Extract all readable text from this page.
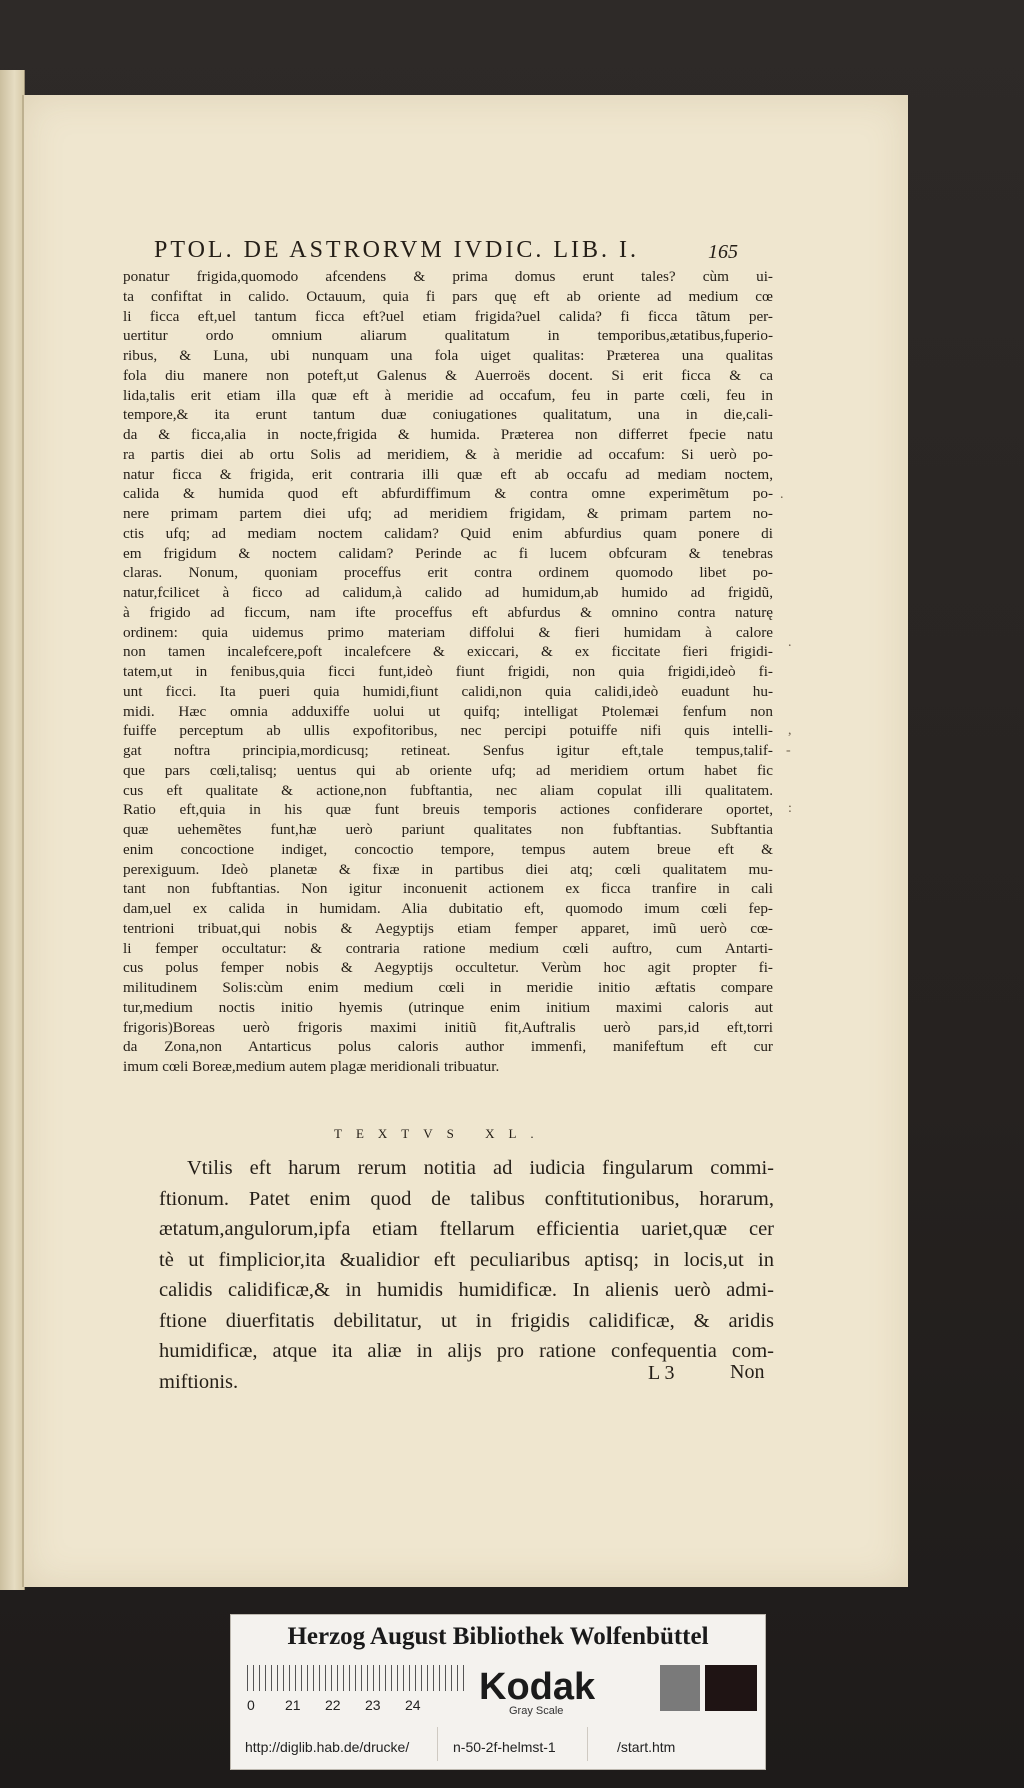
PTOL. DE ASTRORVM IVDIC. LIB. I.	165
ponatur frigida,quomodo afcendens & prima domus erunt tales? cùm ui-
ta confiftat in calido. Octauum, quia fi pars quę eft ab oriente ad medium cœ
li ficca eft,uel tantum ficca eft?uel etiam frigida?uel calida? fi ficca tãtum per-
uertitur ordo omnium aliarum qualitatum in temporibus,ætatibus,fuperio-
ribus, & Luna, ubi nunquam una fola uiget qualitas: Præterea una qualitas
fola diu manere non poteft,ut Galenus & Auerroës docent. Si erit ficca & ca
lida,talis erit etiam illa quæ eft à meridie ad occafum, feu in parte cœli, feu in
tempore,& ita erunt tantum duæ coniugationes qualitatum, una in die,cali-
da & ficca,alia in nocte,frigida & humida. Præterea non differret fpecie natu
ra partis diei ab ortu Solis ad meridiem, & à meridie ad occafum: Si uerò po-
natur ficca & frigida, erit contraria illi quæ eft ab occafu ad mediam noctem,
calida & humida quod eft abfurdiffimum & contra omne experimẽtum po-
nere primam partem diei ufq; ad meridiem frigidam, & primam partem no-
ctis ufq; ad mediam noctem calidam? Quid enim abfurdius quam ponere di
em frigidum & noctem calidam? Perinde ac fi lucem obfcuram & tenebras
claras. Nonum, quoniam proceffus erit contra ordinem quomodo libet po-
natur,fcilicet à ficco ad calidum,à calido ad humidum,ab humido ad frigidũ,
à frigido ad ficcum, nam ifte proceffus eft abfurdus & omnino contra naturę
ordinem: quia uidemus primo materiam diffolui & fieri humidam à calore
non tamen incalefcere,poft incalefcere & exiccari, & ex ficcitate fieri frigidi-
tatem,ut in fenibus,quia ficci funt,ideò fiunt frigidi, non quia frigidi,ideò fi-
unt ficci. Ita pueri quia humidi,fiunt calidi,non quia calidi,ideò euadunt hu-
midi. Hæc omnia adduxiffe uolui ut quifq; intelligat Ptolemæi fenfum non
fuiffe perceptum ab ullis expofitoribus, nec percipi potuiffe nifi quis intelli-
gat noftra principia,mordicusq; retineat. Senfus igitur eft,tale tempus,talif-
que pars cœli,talisq; uentus qui ab oriente ufq; ad meridiem ortum habet fic
cus eft qualitate & actione,non fubftantia, nec aliam copulat illi qualitatem.
Ratio eft,quia in his quæ funt breuis temporis actiones confiderare oportet,
quæ uehemẽtes funt,hæ uerò pariunt qualitates non fubftantias. Subftantia
enim concoctione indiget, concoctio tempore, tempus autem breue eft &
perexiguum. Ideò planetæ & fixæ in partibus diei atq; cœli qualitatem mu-
tant non fubftantias. Non igitur inconuenit actionem ex ficca tranfire in cali
dam,uel ex calida in humidam. Alia dubitatio eft, quomodo imum cœli fep-
tentrioni tribuat,qui nobis & Aegyptijs etiam femper apparet, imũ uerò cœ-
li femper occultatur: & contraria ratione medium cœli auftro, cum Antarti-
cus polus femper nobis & Aegyptijs occultetur. Verùm hoc agit propter fi-
militudinem Solis:cùm enim medium cœli in meridie initio æftatis compare
tur,medium noctis initio hyemis (utrinque enim initium maximi caloris aut
frigoris)Boreas uerò frigoris maximi initiũ fit,Auftralis uerò pars,id eft,torri
da Zona,non Antarticus polus caloris author immenfi, manifeftum eft cur
imum cœli Boreæ,medium autem plagæ meridionali tribuatur.
TEXTVS XL.
Vtilis eft harum rerum notitia ad iudicia fingularum commi-
ftionum. Patet enim quod de talibus conftitutionibus, horarum,
ætatum,angulorum,ipfa etiam ftellarum efficientia uariet,quæ cer
tè ut fimplicior,ita &ualidior eft peculiaribus aptisq; in locis,ut in
calidis calidificæ,& in humidis humidificæ. In alienis uerò admi-
ftione diuerfitatis debilitatur, ut in frigidis calidificæ, & aridis
humidificæ, atque ita aliæ in alijs pro ratione confequentia com-
miftionis.	L 3	Non
.
.
,
-
:
Herzog August Bibliothek Wolfenbüttel
0 21 22 23 24 Kodak
Gray Scale
http://diglib.hab.de/drucke/	n-50-2f-helmst-1	/start.htm
